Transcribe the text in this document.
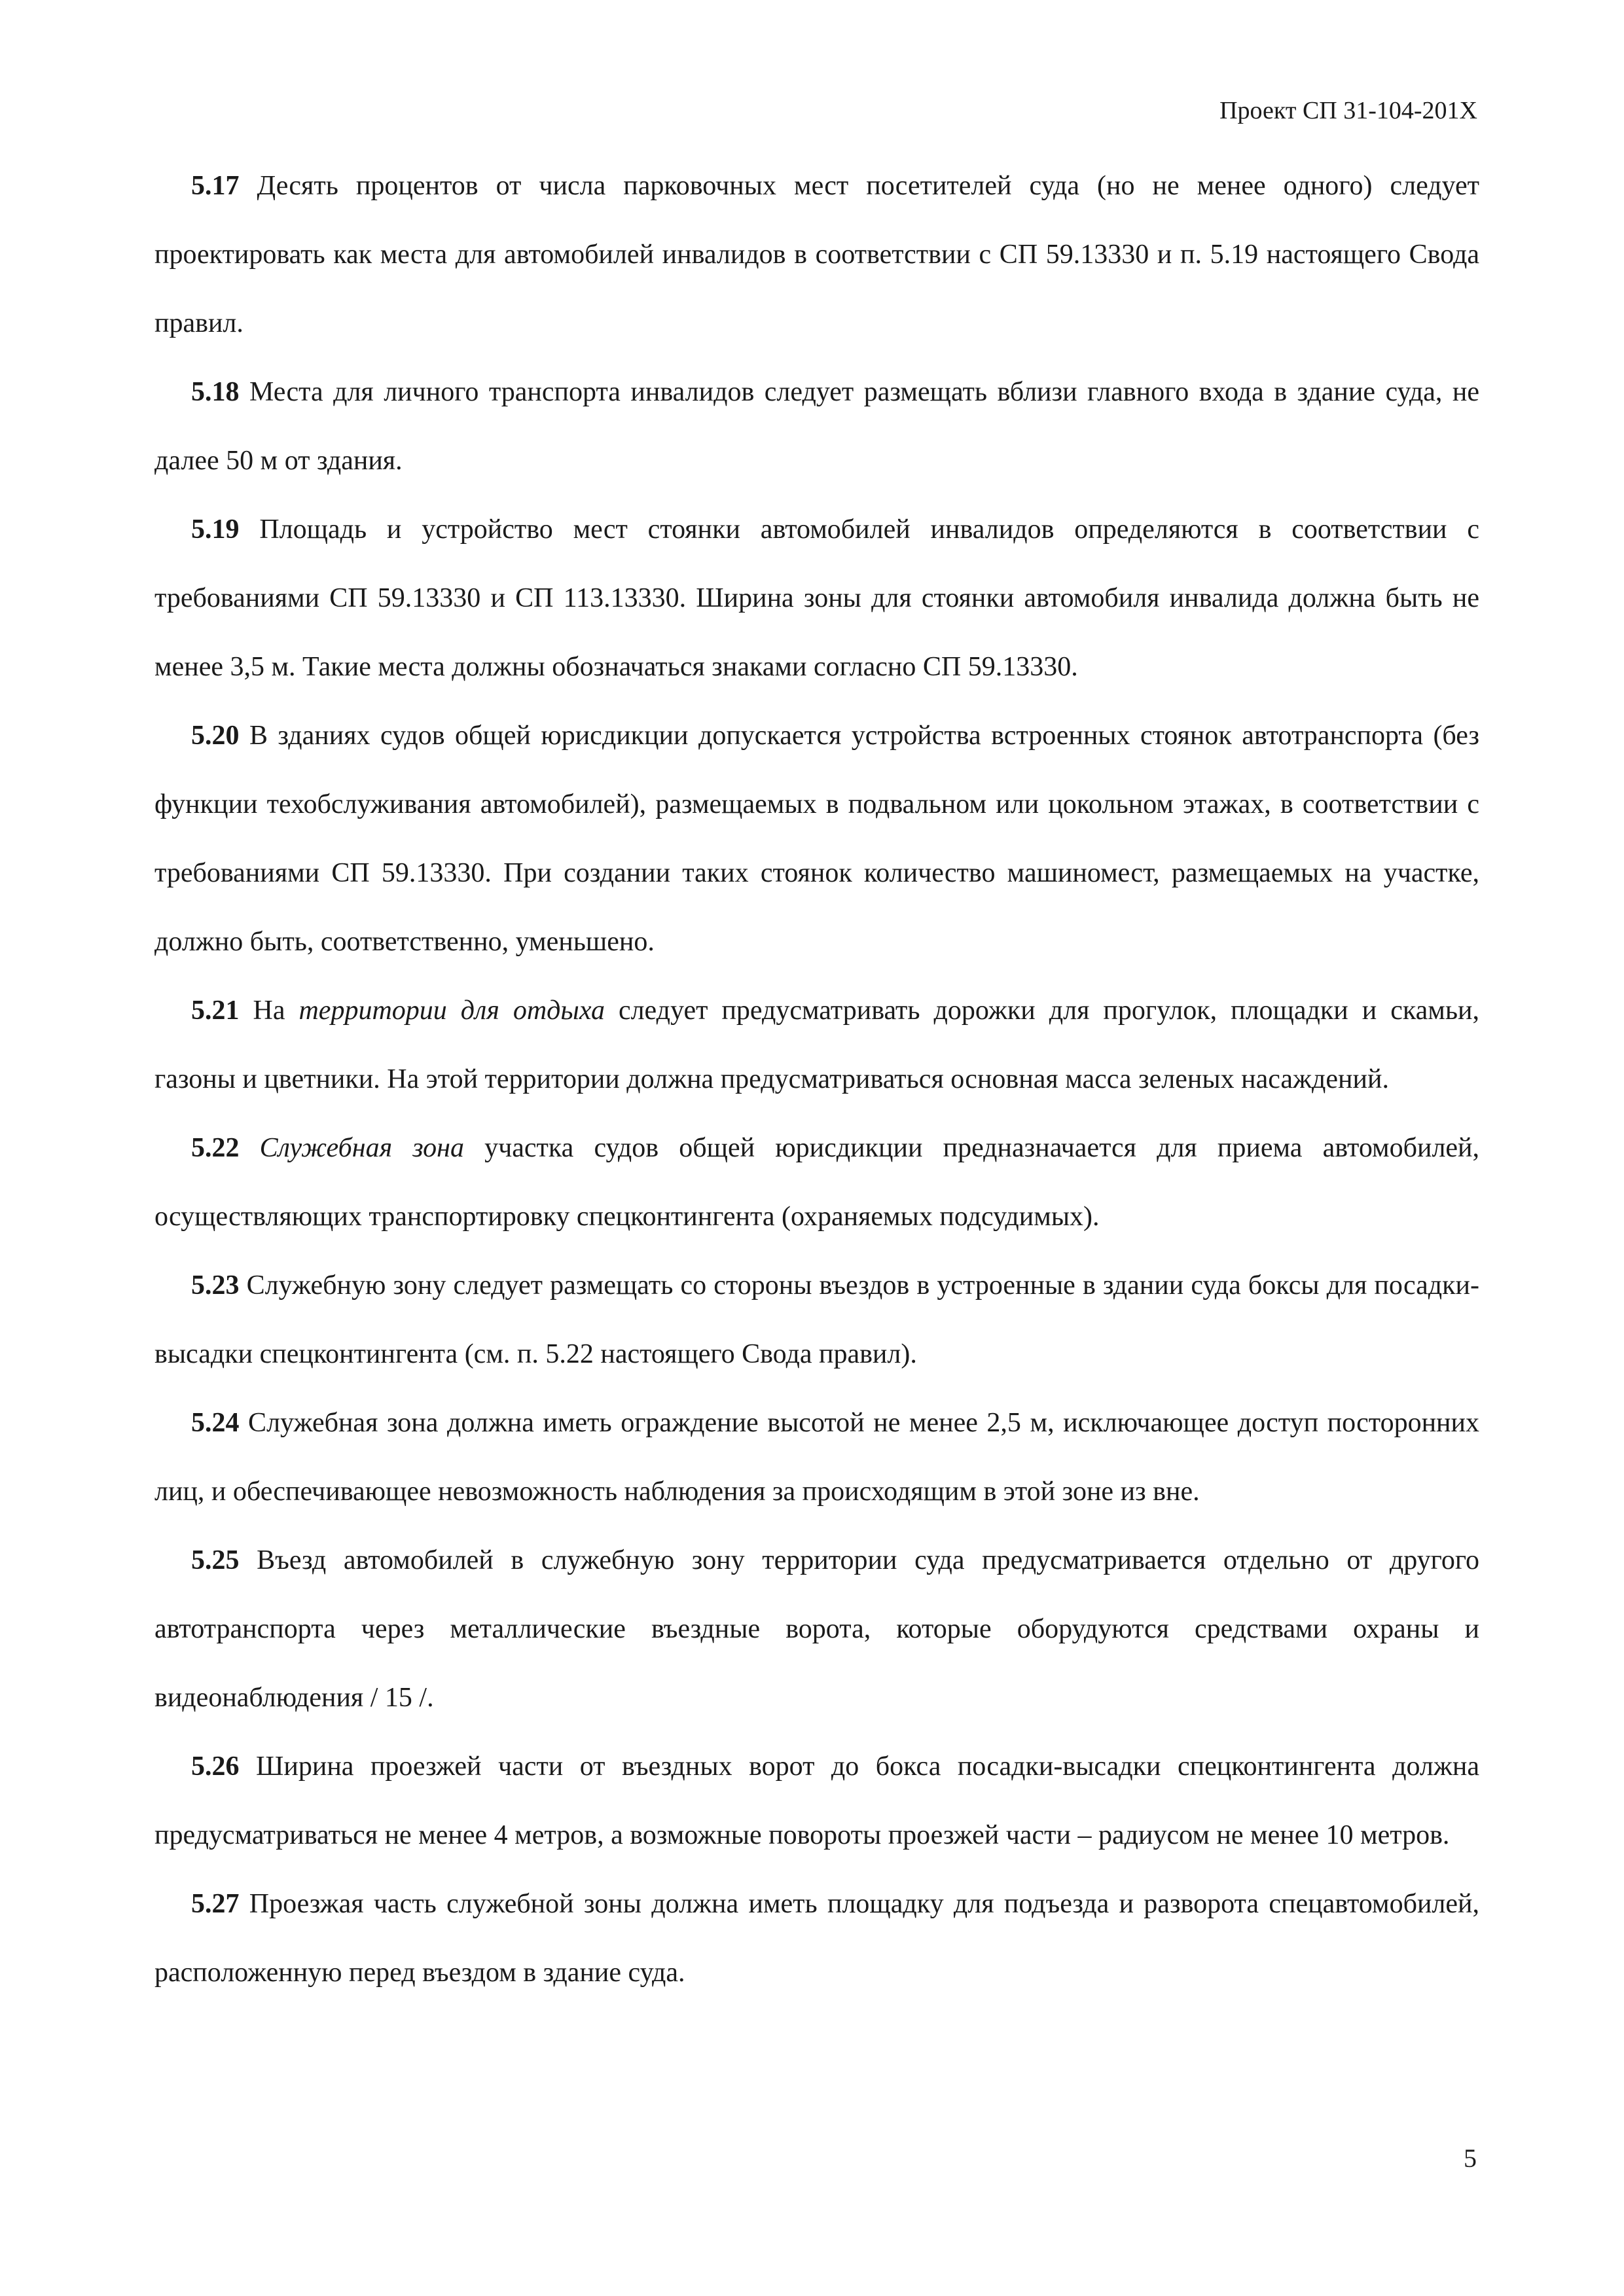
Проект СП 31-104-201Х

5.17 Десять процентов от числа парковочных мест посетителей суда (но не менее одного) следует проектировать как места для автомобилей инвалидов в соответствии с СП 59.13330 и п. 5.19 настоящего Свода правил.

5.18 Места для личного транспорта инвалидов следует размещать вблизи главного входа в здание суда, не далее 50 м от здания.

5.19 Площадь и устройство мест стоянки автомобилей инвалидов определяются в соответствии с требованиями СП 59.13330 и СП 113.13330. Ширина зоны для стоянки автомобиля инвалида должна быть не менее 3,5 м. Такие места должны обозначаться знаками согласно СП 59.13330.

5.20 В зданиях судов общей юрисдикции допускается устройства встроенных стоянок автотранспорта (без функции техобслуживания автомобилей), размещаемых в подвальном или цокольном этажах, в соответствии с требованиями СП 59.13330. При создании таких стоянок количество машиномест, размещаемых на участке, должно быть, соответственно, уменьшено.

5.21 На территории для отдыха следует предусматривать дорожки для прогулок, площадки и скамьи, газоны и цветники. На этой территории должна предусматриваться основная масса зеленых насаждений.

5.22 Служебная зона участка судов общей юрисдикции предназначается для приема автомобилей, осуществляющих транспортировку спецконтингента (охраняемых подсудимых).

5.23 Служебную зону следует размещать со стороны въездов в устроенные в здании суда боксы для посадки-высадки спецконтингента (см. п. 5.22 настоящего Свода правил).

5.24 Служебная зона должна иметь ограждение высотой не менее 2,5 м, исключающее доступ посторонних лиц, и обеспечивающее невозможность наблюдения за происходящим в этой зоне из вне.

5.25 Въезд автомобилей в служебную зону территории суда предусматривается отдельно от другого автотранспорта через металлические въездные ворота, которые оборудуются средствами охраны и видеонаблюдения / 15 /.

5.26 Ширина проезжей части от въездных ворот до бокса посадки-высадки спецконтингента должна предусматриваться не менее 4 метров, а возможные повороты проезжей части – радиусом не менее 10 метров.

5.27 Проезжая часть служебной зоны должна иметь площадку для подъезда и разворота спецавтомобилей, расположенную перед въездом в здание суда.

5
